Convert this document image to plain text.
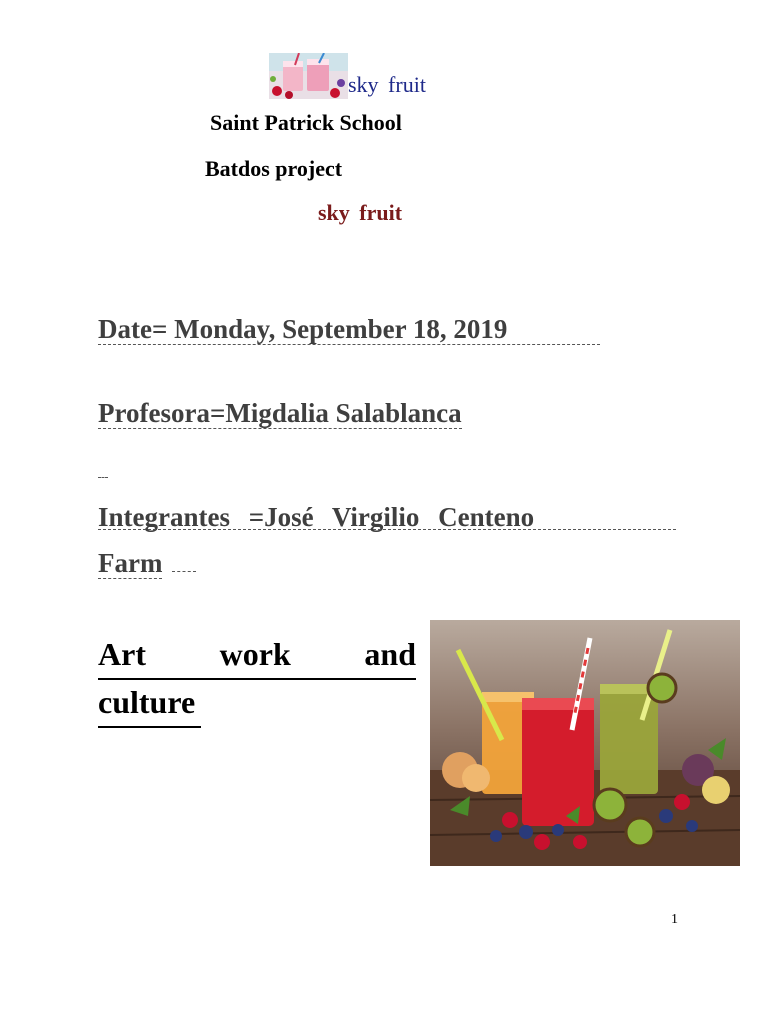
sky fruit
Saint Patrick School
Batdos project
sky fruit
Date= Monday, September 18, 2019
Profesora=Migdalia Salablanca
Integrantes =José Virgilio Centeno
Farm
Art work and
culture
1
